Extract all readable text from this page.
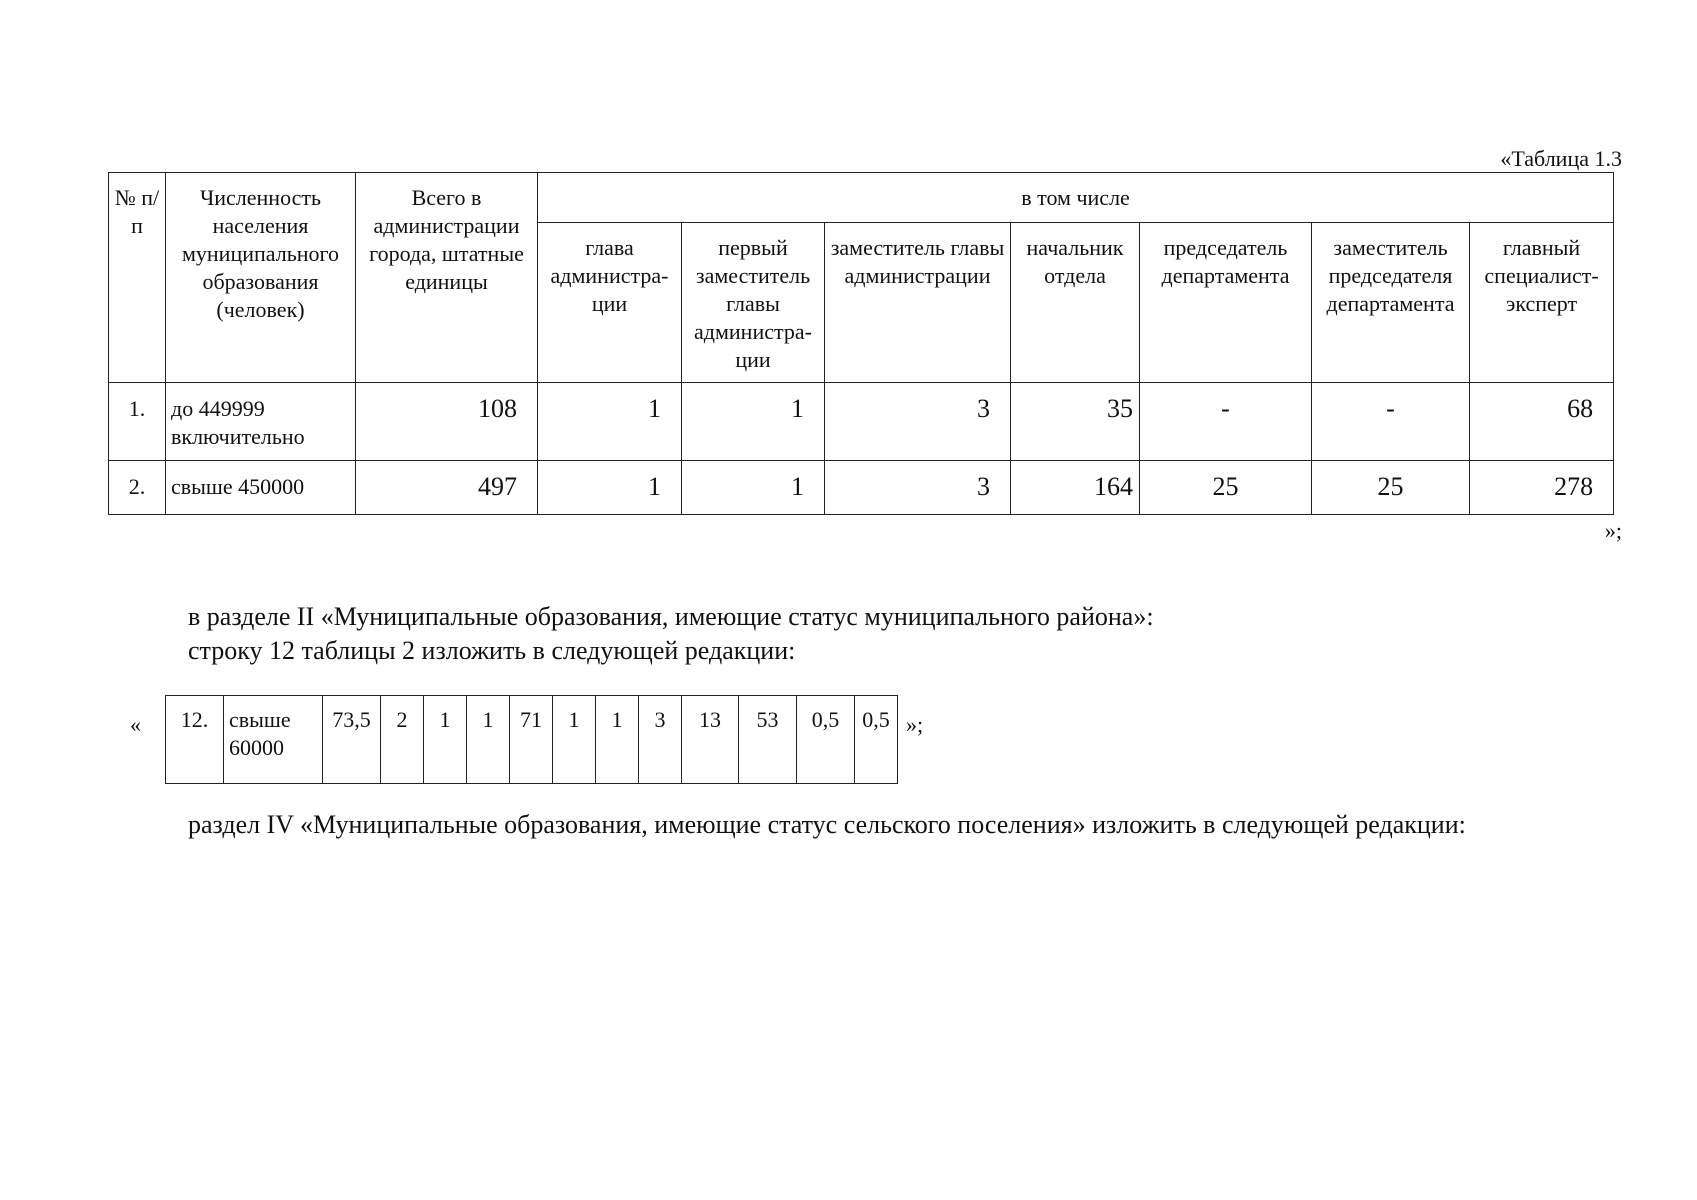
«Таблица 1.3
№ п/п	Численность населения муниципального образования (человек)	Всего в администрации города, штатные единицы	в том числе						
			глава администра-ции	первый заместитель главы администра-ции	заместитель главы администрации	начальник отдела	председатель департамента	заместитель председателя департамента	главный специалист-эксперт
1.	до 449999 включительно	108	1	1	3	35	-	-	68
2.	свыше 450000	497	1	1	3	164	25	25	278
»;
в разделе II «Муниципальные образования, имеющие статус муниципального района»:
строку 12 таблицы 2 изложить в следующей редакции:
« 12.	свыше 60000	73,5	2	1	1	71	1	1	3	13	53	0,5	0,5 »;
раздел IV «Муниципальные образования, имеющие статус сельского поселения» изложить в следующей редакции:
